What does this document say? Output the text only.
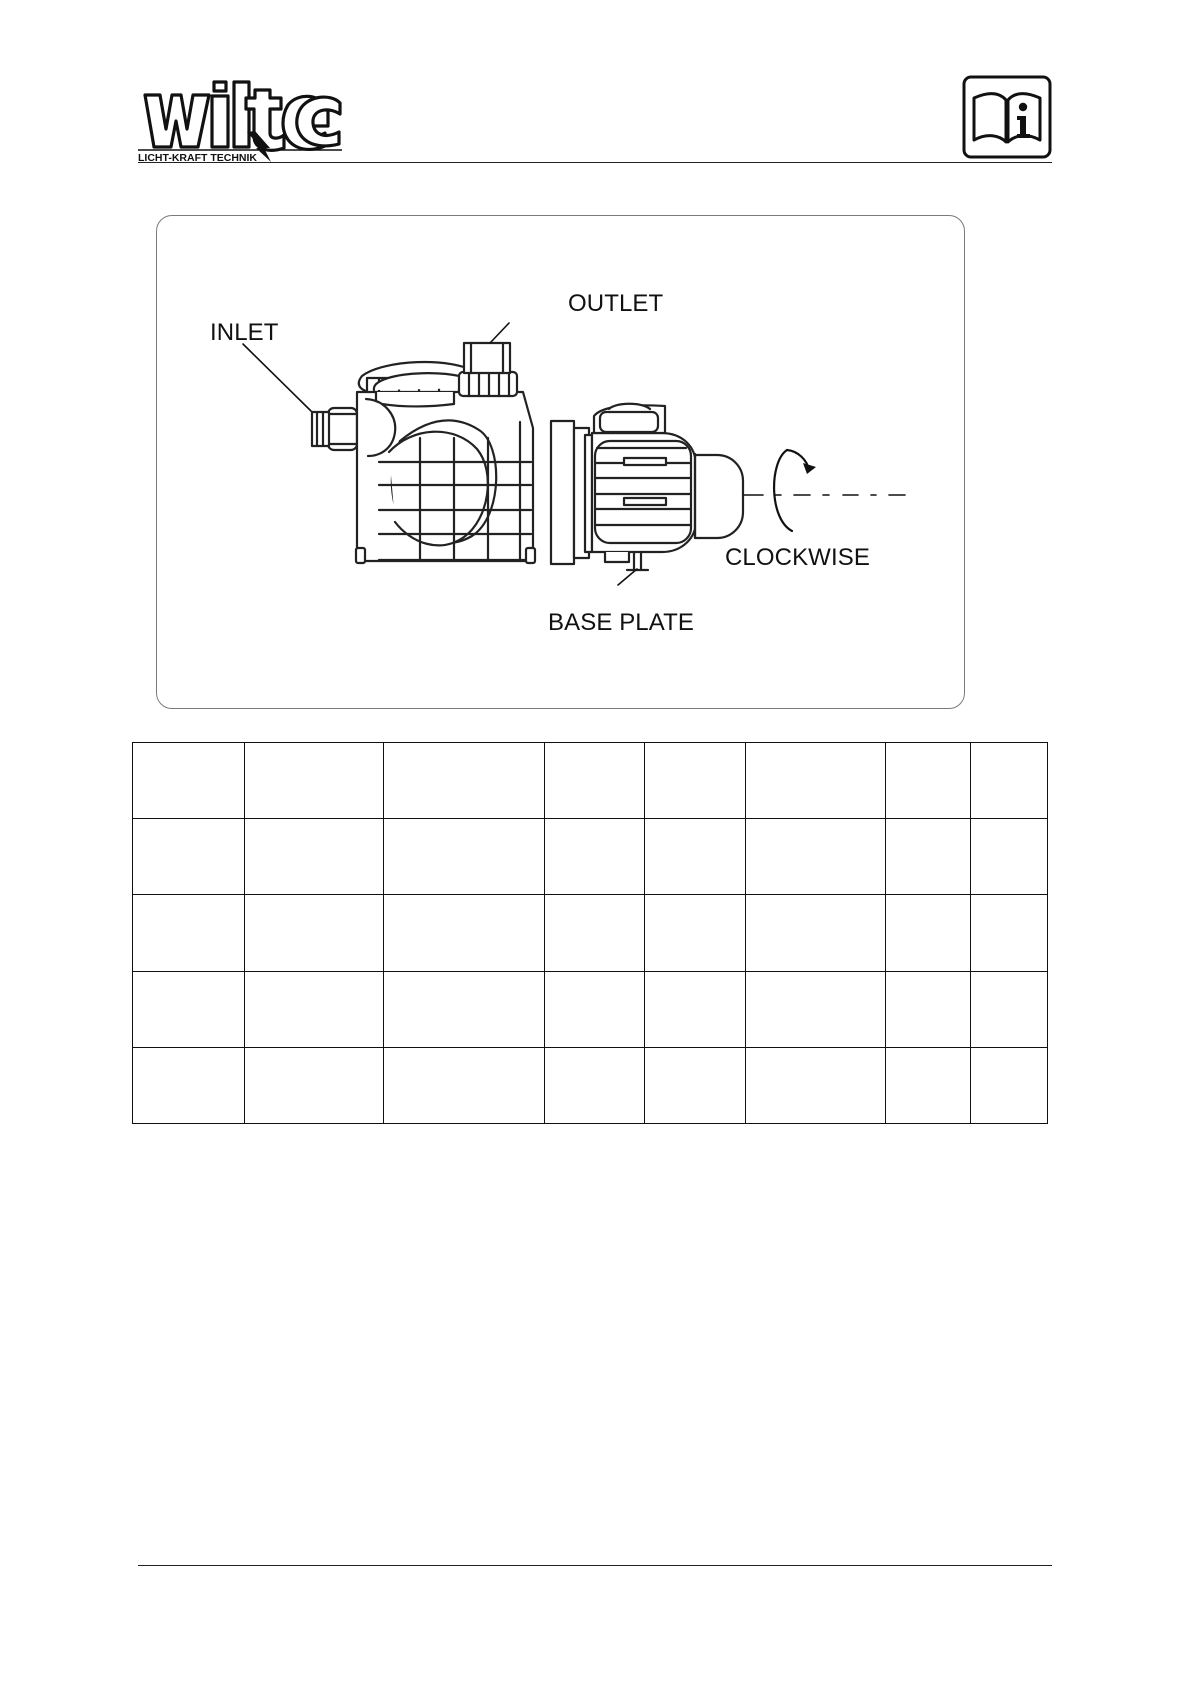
LICHT-KRAFT TECHNIK
INLET
OUTLET
CLOCKWISE
BASE PLATE
